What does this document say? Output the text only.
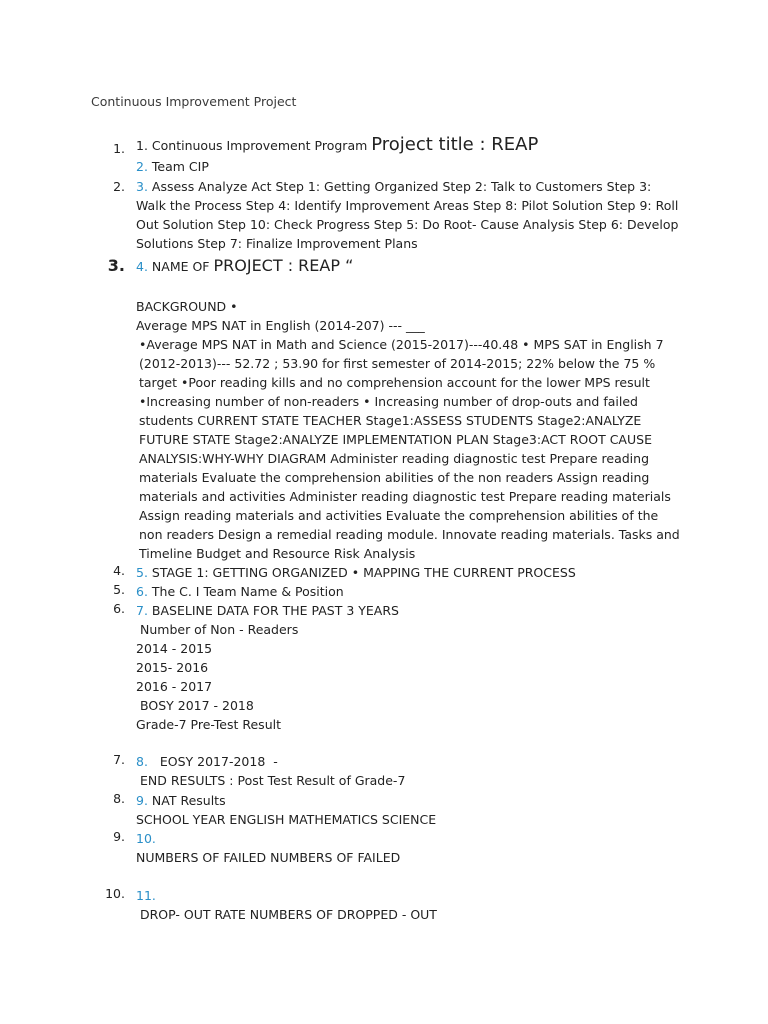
Continuous Improvement Project
1. 1. Continuous Improvement Program Project title : REAP
2. Team CIP
2. 3. Assess Analyze Act Step 1: Getting Organized Step 2: Talk to Customers Step 3: Walk the Process Step 4: Identify Improvement Areas Step 8: Pilot Solution Step 9: Roll Out Solution Step 10: Check Progress Step 5: Do Root- Cause Analysis Step 6: Develop Solutions Step 7: Finalize Improvement Plans
3. 4. NAME OF PROJECT : REAP “
BACKGROUND •
Average MPS NAT in English (2014-207) --- ___
•Average MPS NAT in Math and Science (2015-2017)---40.48 • MPS SAT in English 7 (2012-2013)--- 52.72 ; 53.90 for first semester of 2014-2015; 22% below the 75 % target •Poor reading kills and no comprehension account for the lower MPS result •Increasing number of non-readers • Increasing number of drop-outs and failed students CURRENT STATE TEACHER Stage1:ASSESS STUDENTS Stage2:ANALYZE FUTURE STATE Stage2:ANALYZE IMPLEMENTATION PLAN Stage3:ACT ROOT CAUSE ANALYSIS:WHY-WHY DIAGRAM Administer reading diagnostic test Prepare reading materials Evaluate the comprehension abilities of the non readers Assign reading materials and activities Administer reading diagnostic test Prepare reading materials Assign reading materials and activities Evaluate the comprehension abilities of the non readers Design a remedial reading module. Innovate reading materials. Tasks and Timeline Budget and Resource Risk Analysis
4. 5. STAGE 1: GETTING ORGANIZED • MAPPING THE CURRENT PROCESS
5. 6. The C. I Team Name & Position
6. 7. BASELINE DATA FOR THE PAST 3 YEARS
Number of Non - Readers
2014 - 2015
2015- 2016
2016 - 2017
BOSY 2017 - 2018
Grade-7 Pre-Test Result
7. 8.   EOSY 2017-2018  -
END RESULTS : Post Test Result of Grade-7
8. 9. NAT Results
SCHOOL YEAR ENGLISH MATHEMATICS SCIENCE
9. 10.
NUMBERS OF FAILED NUMBERS OF FAILED
10. 11.
DROP- OUT RATE NUMBERS OF DROPPED - OUT
